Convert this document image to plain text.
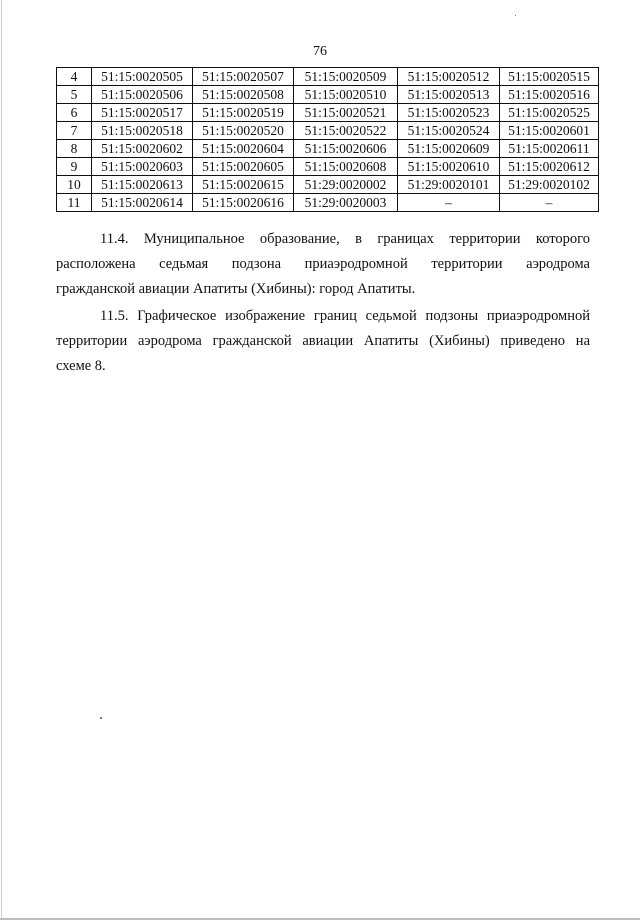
76
4	51:15:0020505	51:15:0020507	51:15:0020509	51:15:0020512	51:15:0020515
5	51:15:0020506	51:15:0020508	51:15:0020510	51:15:0020513	51:15:0020516
6	51:15:0020517	51:15:0020519	51:15:0020521	51:15:0020523	51:15:0020525
7	51:15:0020518	51:15:0020520	51:15:0020522	51:15:0020524	51:15:0020601
8	51:15:0020602	51:15:0020604	51:15:0020606	51:15:0020609	51:15:0020611
9	51:15:0020603	51:15:0020605	51:15:0020608	51:15:0020610	51:15:0020612
10	51:15:0020613	51:15:0020615	51:29:0020002	51:29:0020101	51:29:0020102
11	51:15:0020614	51:15:0020616	51:29:0020003	–	–

11.4. Муниципальное образование, в границах территории которого
расположена седьмая подзона приаэродромной территории аэродрома
гражданской авиации Апатиты (Хибины): город Апатиты.

11.5. Графическое изображение границ седьмой подзоны приаэродромной
территории аэродрома гражданской авиации Апатиты (Хибины) приведено на
схеме 8.
